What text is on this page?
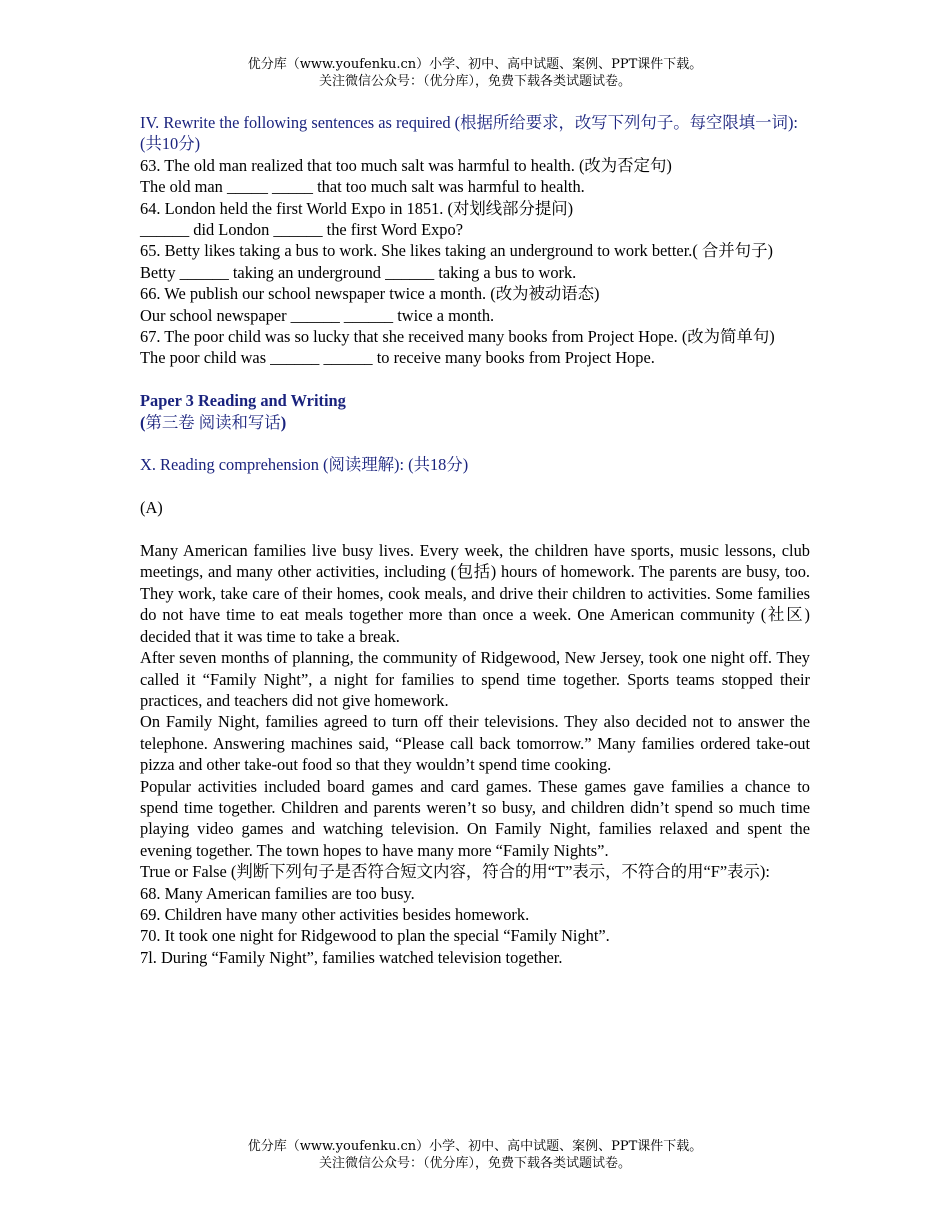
优分库（www.youfenku.cn）小学、初中、高中试题、案例、PPT课件下载。
关注微信公众号：（优分库），免费下载各类试题试卷。

IV. Rewrite the following sentences as required (根据所给要求，改写下列句子。每空限填一词): (共10分)

63. The old man realized that too much salt was harmful to health. (改为否定句)

The old man _____ _____ that too much salt was harmful to health.

64. London held the first World Expo in 1851. (对划线部分提问)

______ did London ______ the first Word Expo?

65. Betty likes taking a bus to work. She likes taking an underground to work better.( 合并句子)

Betty ______ taking an underground ______ taking a bus to work.

66. We publish our school newspaper twice a month. (改为被动语态)

Our school newspaper ______ ______ twice a month.

67. The poor child was so lucky that she received many books from Project Hope. (改为简单句)

The poor child was ______ ______ to receive many books from Project Hope.

Paper 3 Reading and Writing

(第三卷 阅读和写话)

X. Reading comprehension (阅读理解): (共18分)

(A)

Many American families live busy lives. Every week, the children have sports, music lessons, club meetings, and many other activities, including (包括) hours of homework. The parents are busy, too. They work, take care of their homes, cook meals, and drive their children to activities. Some families do not have time to eat meals together more than once a week. One American community (社区) decided that it was time to take a break.

After seven months of planning, the community of Ridgewood, New Jersey, took one night off. They called it “Family Night”, a night for families to spend time together. Sports teams stopped their practices, and teachers did not give homework.

On Family Night, families agreed to turn off their televisions. They also decided not to answer the telephone. Answering machines said, “Please call back tomorrow.” Many families ordered take-out pizza and other take-out food so that they wouldn’t spend time cooking.

Popular activities included board games and card games. These games gave families a chance to spend time together. Children and parents weren’t so busy, and children didn’t spend so much time playing video games and watching television. On Family Night, families relaxed and spent the evening together. The town hopes to have many more “Family Nights”.

True or False (判断下列句子是否符合短文内容，符合的用“T”表示，不符合的用“F”表示):

68. Many American families are too busy.

69. Children have many other activities besides homework.

70. It took one night for Ridgewood to plan the special “Family Night”.

7l. During “Family Night”, families watched television together.

优分库（www.youfenku.cn）小学、初中、高中试题、案例、PPT课件下载。
关注微信公众号：（优分库），免费下载各类试题试卷。
